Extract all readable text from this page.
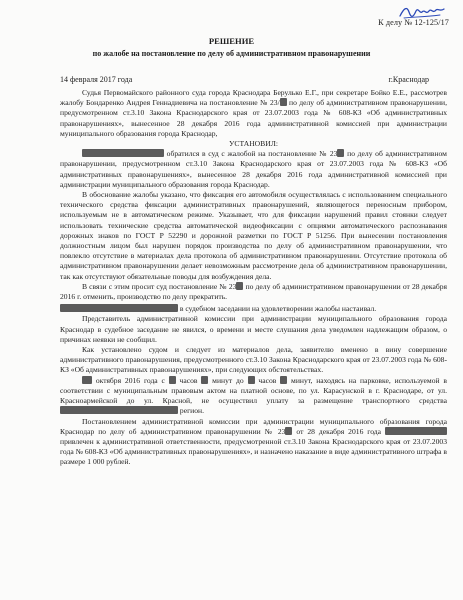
К делу № 12-125/17
РЕШЕНИЕ
по жалобе на постановление по делу об административном правонарушении
14 февраля 2017 года	г.Краснодар

Судья Первомайского районного суда города Краснодара Берулько Е.Г., при секретаре Бойко Е.Е., рассмотрев жалобу Бондаренко Андрея Геннадиевича на постановление № 23/ по делу об административном правонарушении, предусмотренном ст.3.10 Закона Краснодарского края от 23.07.2003 года № 608-КЗ «Об административных правонарушениях», вынесенное 28 декабря 2016 года административной комиссией при администрации муниципального образования города Краснодар,

УСТАНОВИЛ:

обратился в суд с жалобой на постановление № 23 по делу об административном правонарушении, предусмотренном ст.3.10 Закона Краснодарского края от 23.07.2003 года № 608-КЗ «Об административных правонарушениях», вынесенное 28 декабря 2016 года административной комиссией при администрации муниципального образования города Краснодар.

В обоснование жалобы указано, что фиксация его автомобиля осуществлялась с использованием специального технического средства фиксации административных правонарушений, являющегося переносным прибором, используемым не в автоматическом режиме. Указывает, что для фиксации нарушений правил стоянки следует использовать технические средства автоматической видеофиксации с опциями автоматического распознавания дорожных знаков по ГОСТ Р 52290 и дорожной разметки по ГОСТ Р 51256. При вынесении постановления должностным лицом был нарушен порядок производства по делу об административном правонарушении, что повлекло отсутствие в материалах дела протокола об административном правонарушении. Отсутствие протокола об административном правонарушении делает невозможным рассмотрение дела об административном правонарушении, так как отсутствуют обязательные поводы для возбуждения дела.

В связи с этим просит суд постановление № 23 по делу об административном правонарушении от 28 декабря 2016 г. отменить, производство по делу прекратить.
в судебном заседании на удовлетворении жалобы настаивал.

Представитель административной комиссии при администрации муниципального образования города Краснодар в судебное заседание не явился, о времени и месте слушания дела уведомлен надлежащим образом, о причинах неявки не сообщил.

Как установлено судом и следует из материалов дела, заявителю вменено в вину совершение административного правонарушения, предусмотренного ст.3.10 Закона Краснодарского края от 23.07.2003 года № 608-КЗ «Об административных правонарушениях», при следующих обстоятельствах.

октября 2016 года с  часов  минут до  часов  минут, находясь на парковке, используемой в соответствии с муниципальным правовым актом на платной основе, по ул. Карасунской в г. Краснодаре, от ул. Красноармейской до ул. Красной, не осуществил уплату за размещение транспортного средства  регион.

Постановлением административной комиссии при администрации муниципального образования города Краснодар по делу об административном правонарушении № 23 от 28 декабря 2016 года  привлечен к административной ответственности, предусмотренной ст.3.10 Закона Краснодарского края от 23.07.2003 года № 608-КЗ «Об административных правонарушениях», и назначено наказание в виде административного штрафа в размере 1 000 рублей.
